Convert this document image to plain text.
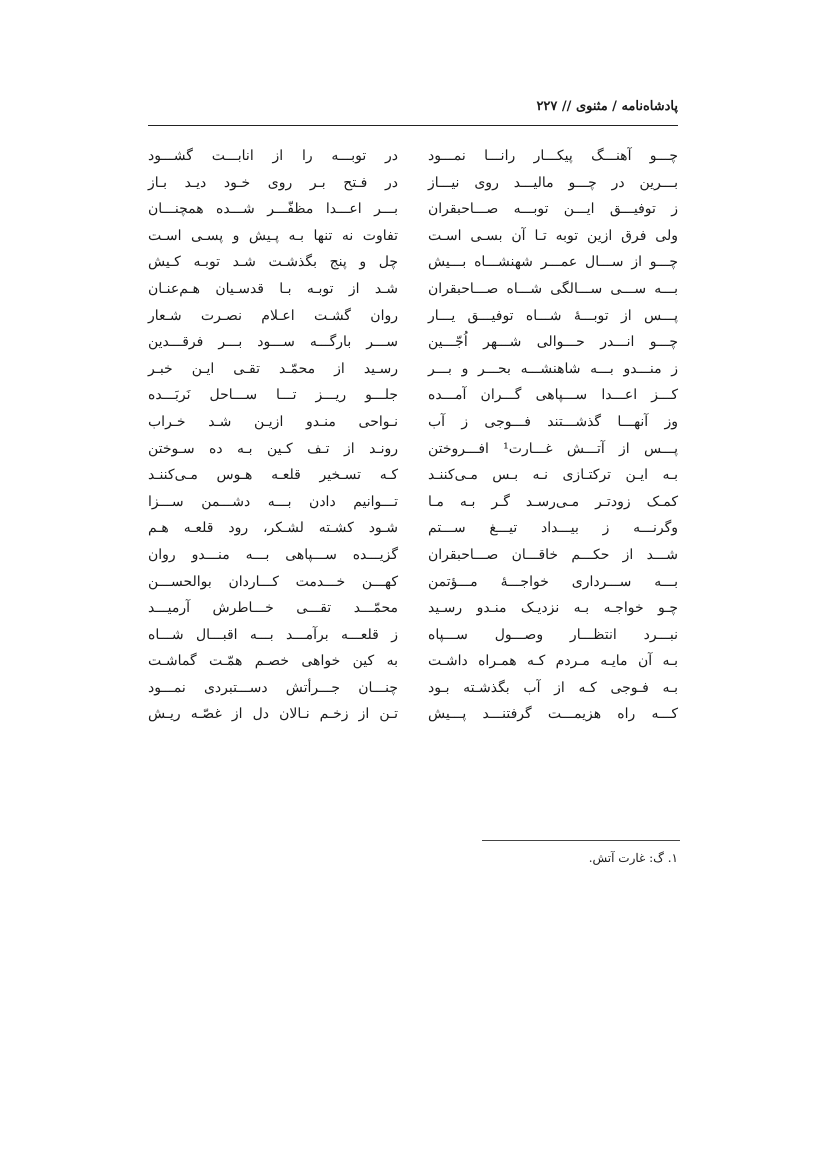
پادشاه‌نامه / مثنوی // ۲۲۷
چـــو آهنـــگ پیکـــار رانـــا نمـــود
بـــرین در چـــو مالیـــد روی نیـــاز
ز توفیـــق ایـــن توبـــه صـــاحبقران
ولی فرق ازین توبه تـا آن بسـی اسـت
چـــو از ســـال عمـــر شهنشـــاه بـــیش
بـــه ســـی ســـالگی شـــاه صـــاحبقران
پـــس از توبـــهٔ شـــاه توفیـــق یـــار
چـــو انـــدر حـــوالی شـــهر اُجّـــین
ز منـــدو بـــه شاهنشـــه بحـــر و بـــر
کـــز اعـــدا ســـپاهی گـــران آمـــده
وز آنهـــا گذشـــتند فـــوجی ز آب
پـــس از آتـــش غـــارت¹ افـــروختن
بـه ایـن ترکتـازی نـه بـس مـی‌کننـد
کمـک زودتـر مـی‌رسـد گـر بـه مـا
وگرنـــه ز بیـــداد تیـــغ ســـتم
شـــد از حکـــم خاقـــان صـــاحبقران
بـــه ســـرداری خواجـــهٔ مـــؤتمن
چـو خواجـه بـه نزدیـک منـدو رسـید
نبـــرد انتظـــار وصـــول ســـپاه
بـه آن مایـه مـردم کـه همـراه داشـت
بـه فـوجی کـه از آب بگذشـته بـود
کـــه راه هزیمـــت گرفتنـــد پـــیش
در توبـــه را از انابـــت گشـــود
در فـتح بـر روی خـود دیـد بـاز
بـــر اعـــدا مظفّـــر شـــده همچنـــان
تفاوت نه تنها بـه پـیش و پسـی اسـت
چل و پنج بگذشـت شـد توبـه کـیش
شـد از توبـه بـا قدسـیان هـم‌عنـان
روان گشـت اعـلام نصـرت شـعار
ســـر بارگـــه ســـود بـــر فرقـــدین
رسـید از محمّـد تقـی ایـن خبـر
جلـــو ریـــز تـــا ســـاحل نَربَـــده
نـواحی منـدو ازیـن شـد خـراب
رونـد از تـف کـین بـه ده سـوختن
کـه تسـخیر قلعـه هـوس مـی‌کننـد
تـــوانیم دادن بـــه دشـــمن ســـزا
شـود کشـته لشـکر، رود قلعـه هـم
گزیـــده ســـپاهی بـــه منـــدو روان
کهـــن خـــدمت کـــاردان بوالحســـن
محمّـــد تقـــی خـــاطرش آرمیـــد
ز قلعـــه برآمـــد بـــه اقبـــال شـــاه
به کین خواهی خصـم همّـت گماشـت
چنـــان جـــرأتش دســـتبردی نمـــود
تـن از زخـم نـالان دل از غصّـه ریـش
۱. گ: غارت آتش.
